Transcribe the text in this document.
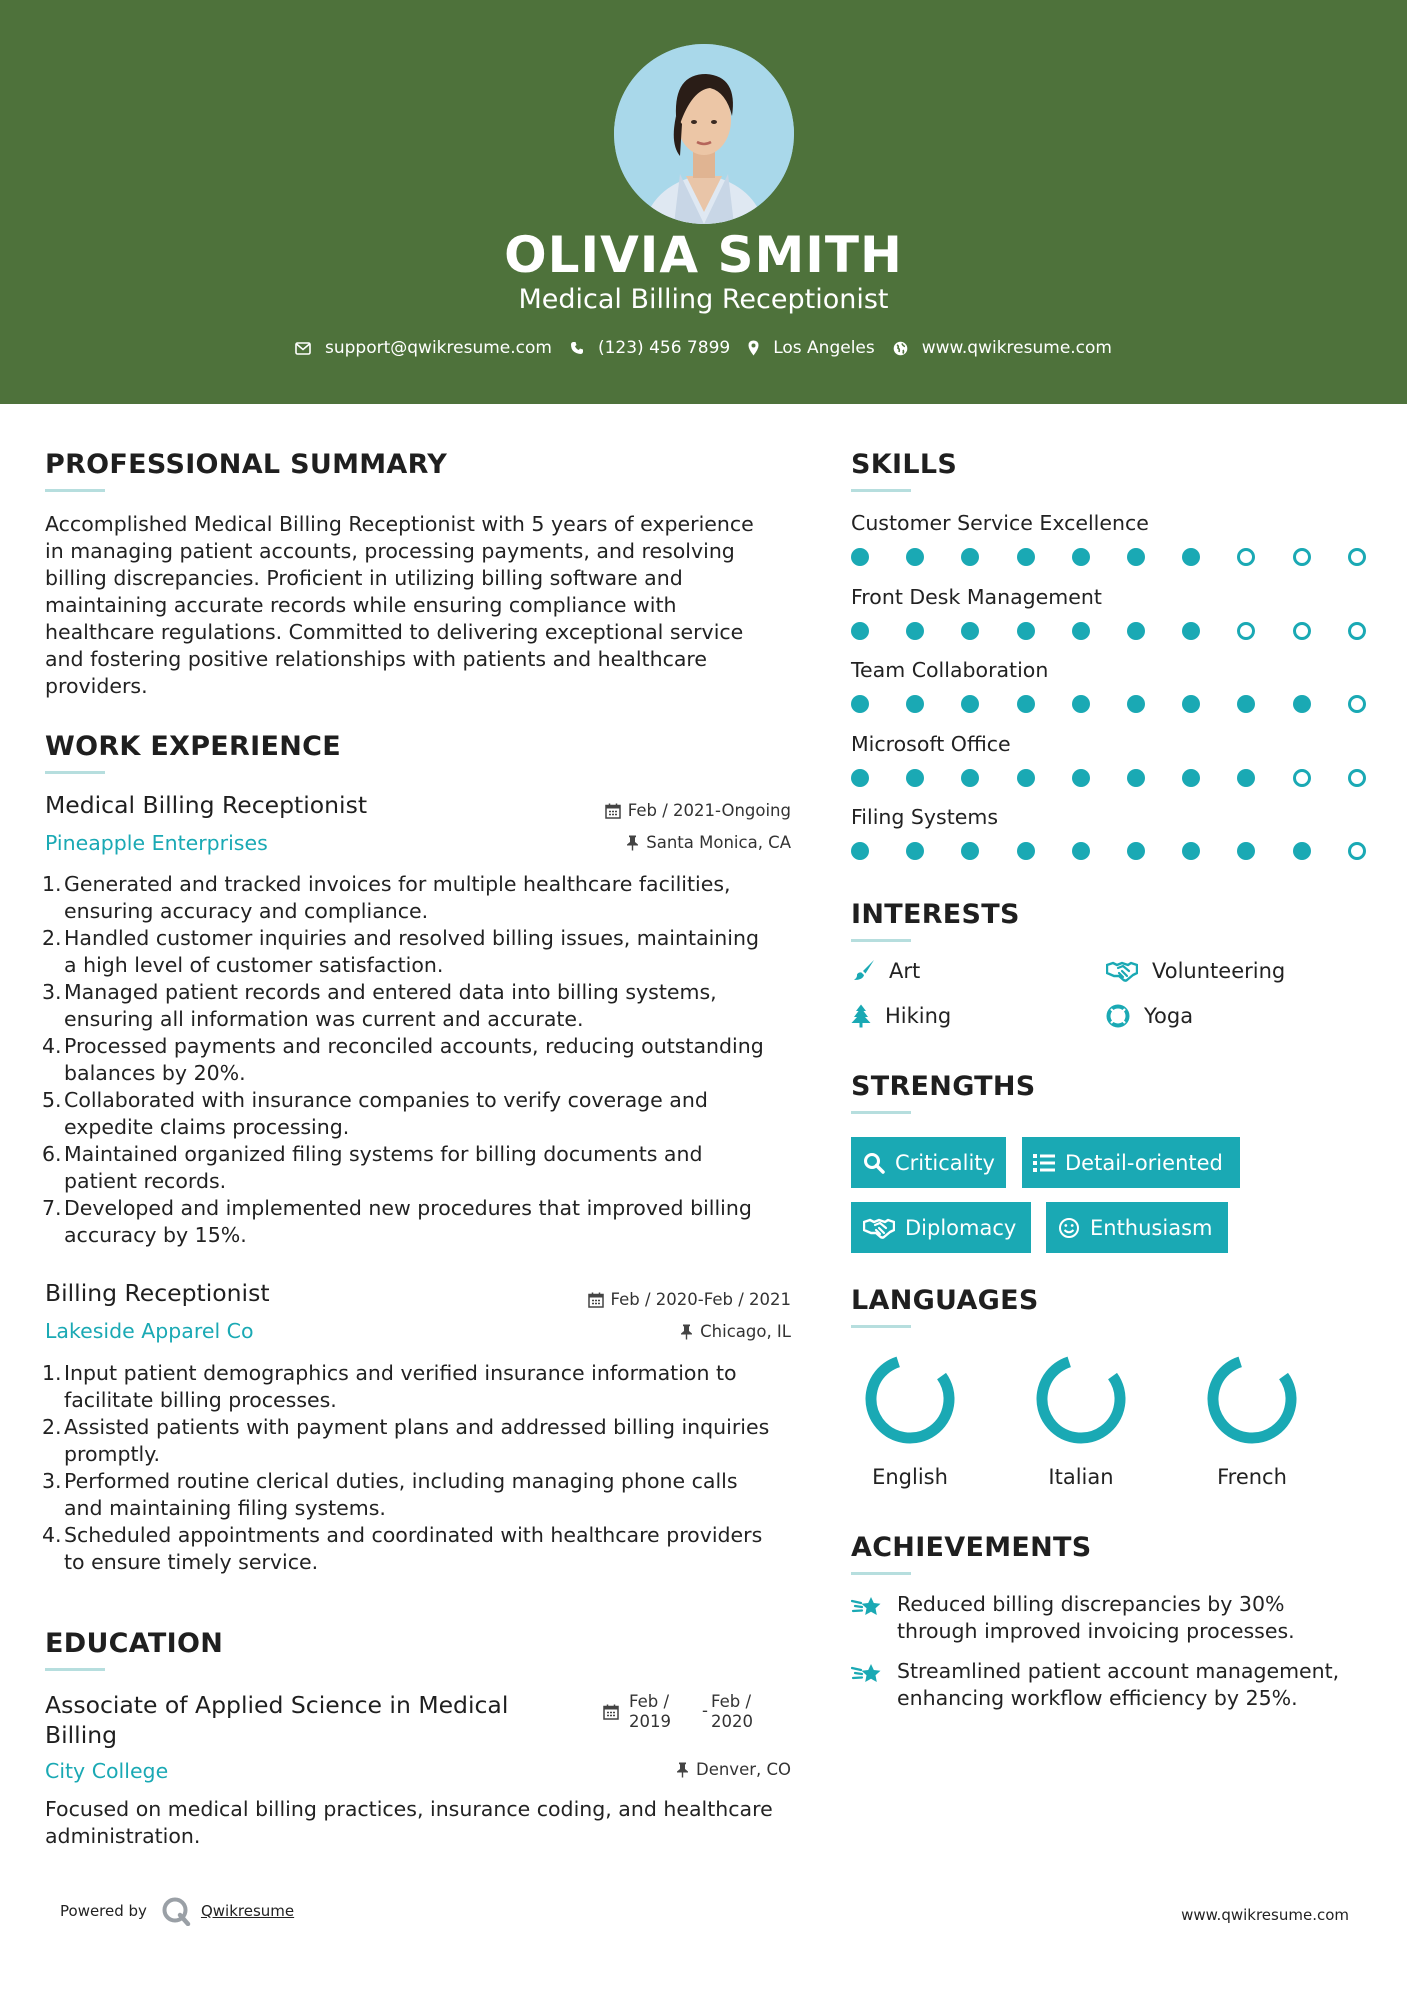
OLIVIA SMITH
Medical Billing Receptionist
support@qwikresume.com	(123) 456 7899	Los Angeles	www.qwikresume.com
PROFESSIONAL SUMMARY
Accomplished Medical Billing Receptionist with 5 years of experience
in managing patient accounts, processing payments, and resolving
billing discrepancies. Proficient in utilizing billing software and
maintaining accurate records while ensuring compliance with
healthcare regulations. Committed to delivering exceptional service
and fostering positive relationships with patients and healthcare
providers.
WORK EXPERIENCE
Medical Billing Receptionist	Feb / 2021-Ongoing
Pineapple Enterprises	Santa Monica, CA
1. Generated and tracked invoices for multiple healthcare facilities,
ensuring accuracy and compliance.
2. Handled customer inquiries and resolved billing issues, maintaining
a high level of customer satisfaction.
3. Managed patient records and entered data into billing systems,
ensuring all information was current and accurate.
4. Processed payments and reconciled accounts, reducing outstanding
balances by 20%.
5. Collaborated with insurance companies to verify coverage and
expedite claims processing.
6. Maintained organized filing systems for billing documents and
patient records.
7. Developed and implemented new procedures that improved billing
accuracy by 15%.
Billing Receptionist	Feb / 2020-Feb / 2021
Lakeside Apparel Co	Chicago, IL
1. Input patient demographics and verified insurance information to
facilitate billing processes.
2. Assisted patients with payment plans and addressed billing inquiries
promptly.
3. Performed routine clerical duties, including managing phone calls
and maintaining filing systems.
4. Scheduled appointments and coordinated with healthcare providers
to ensure timely service.
EDUCATION
Associate of Applied Science in Medical
Billing
Feb /
2019
- Feb /
2020
City College	Denver, CO
Focused on medical billing practices, insurance coding, and healthcare
administration.
SKILLS
Customer Service Excellence
Front Desk Management
Team Collaboration
Microsoft Office
Filing Systems
INTERESTS
Art	Volunteering
Hiking	Yoga
STRENGTHS
Criticality	Detail-oriented
Diplomacy	Enthusiasm
LANGUAGES
English	Italian	French
ACHIEVEMENTS
Reduced billing discrepancies by 30%
through improved invoicing processes.
Streamlined patient account management,
enhancing workflow efficiency by 25%.
Powered by	Qwikresume	www.qwikresume.com
